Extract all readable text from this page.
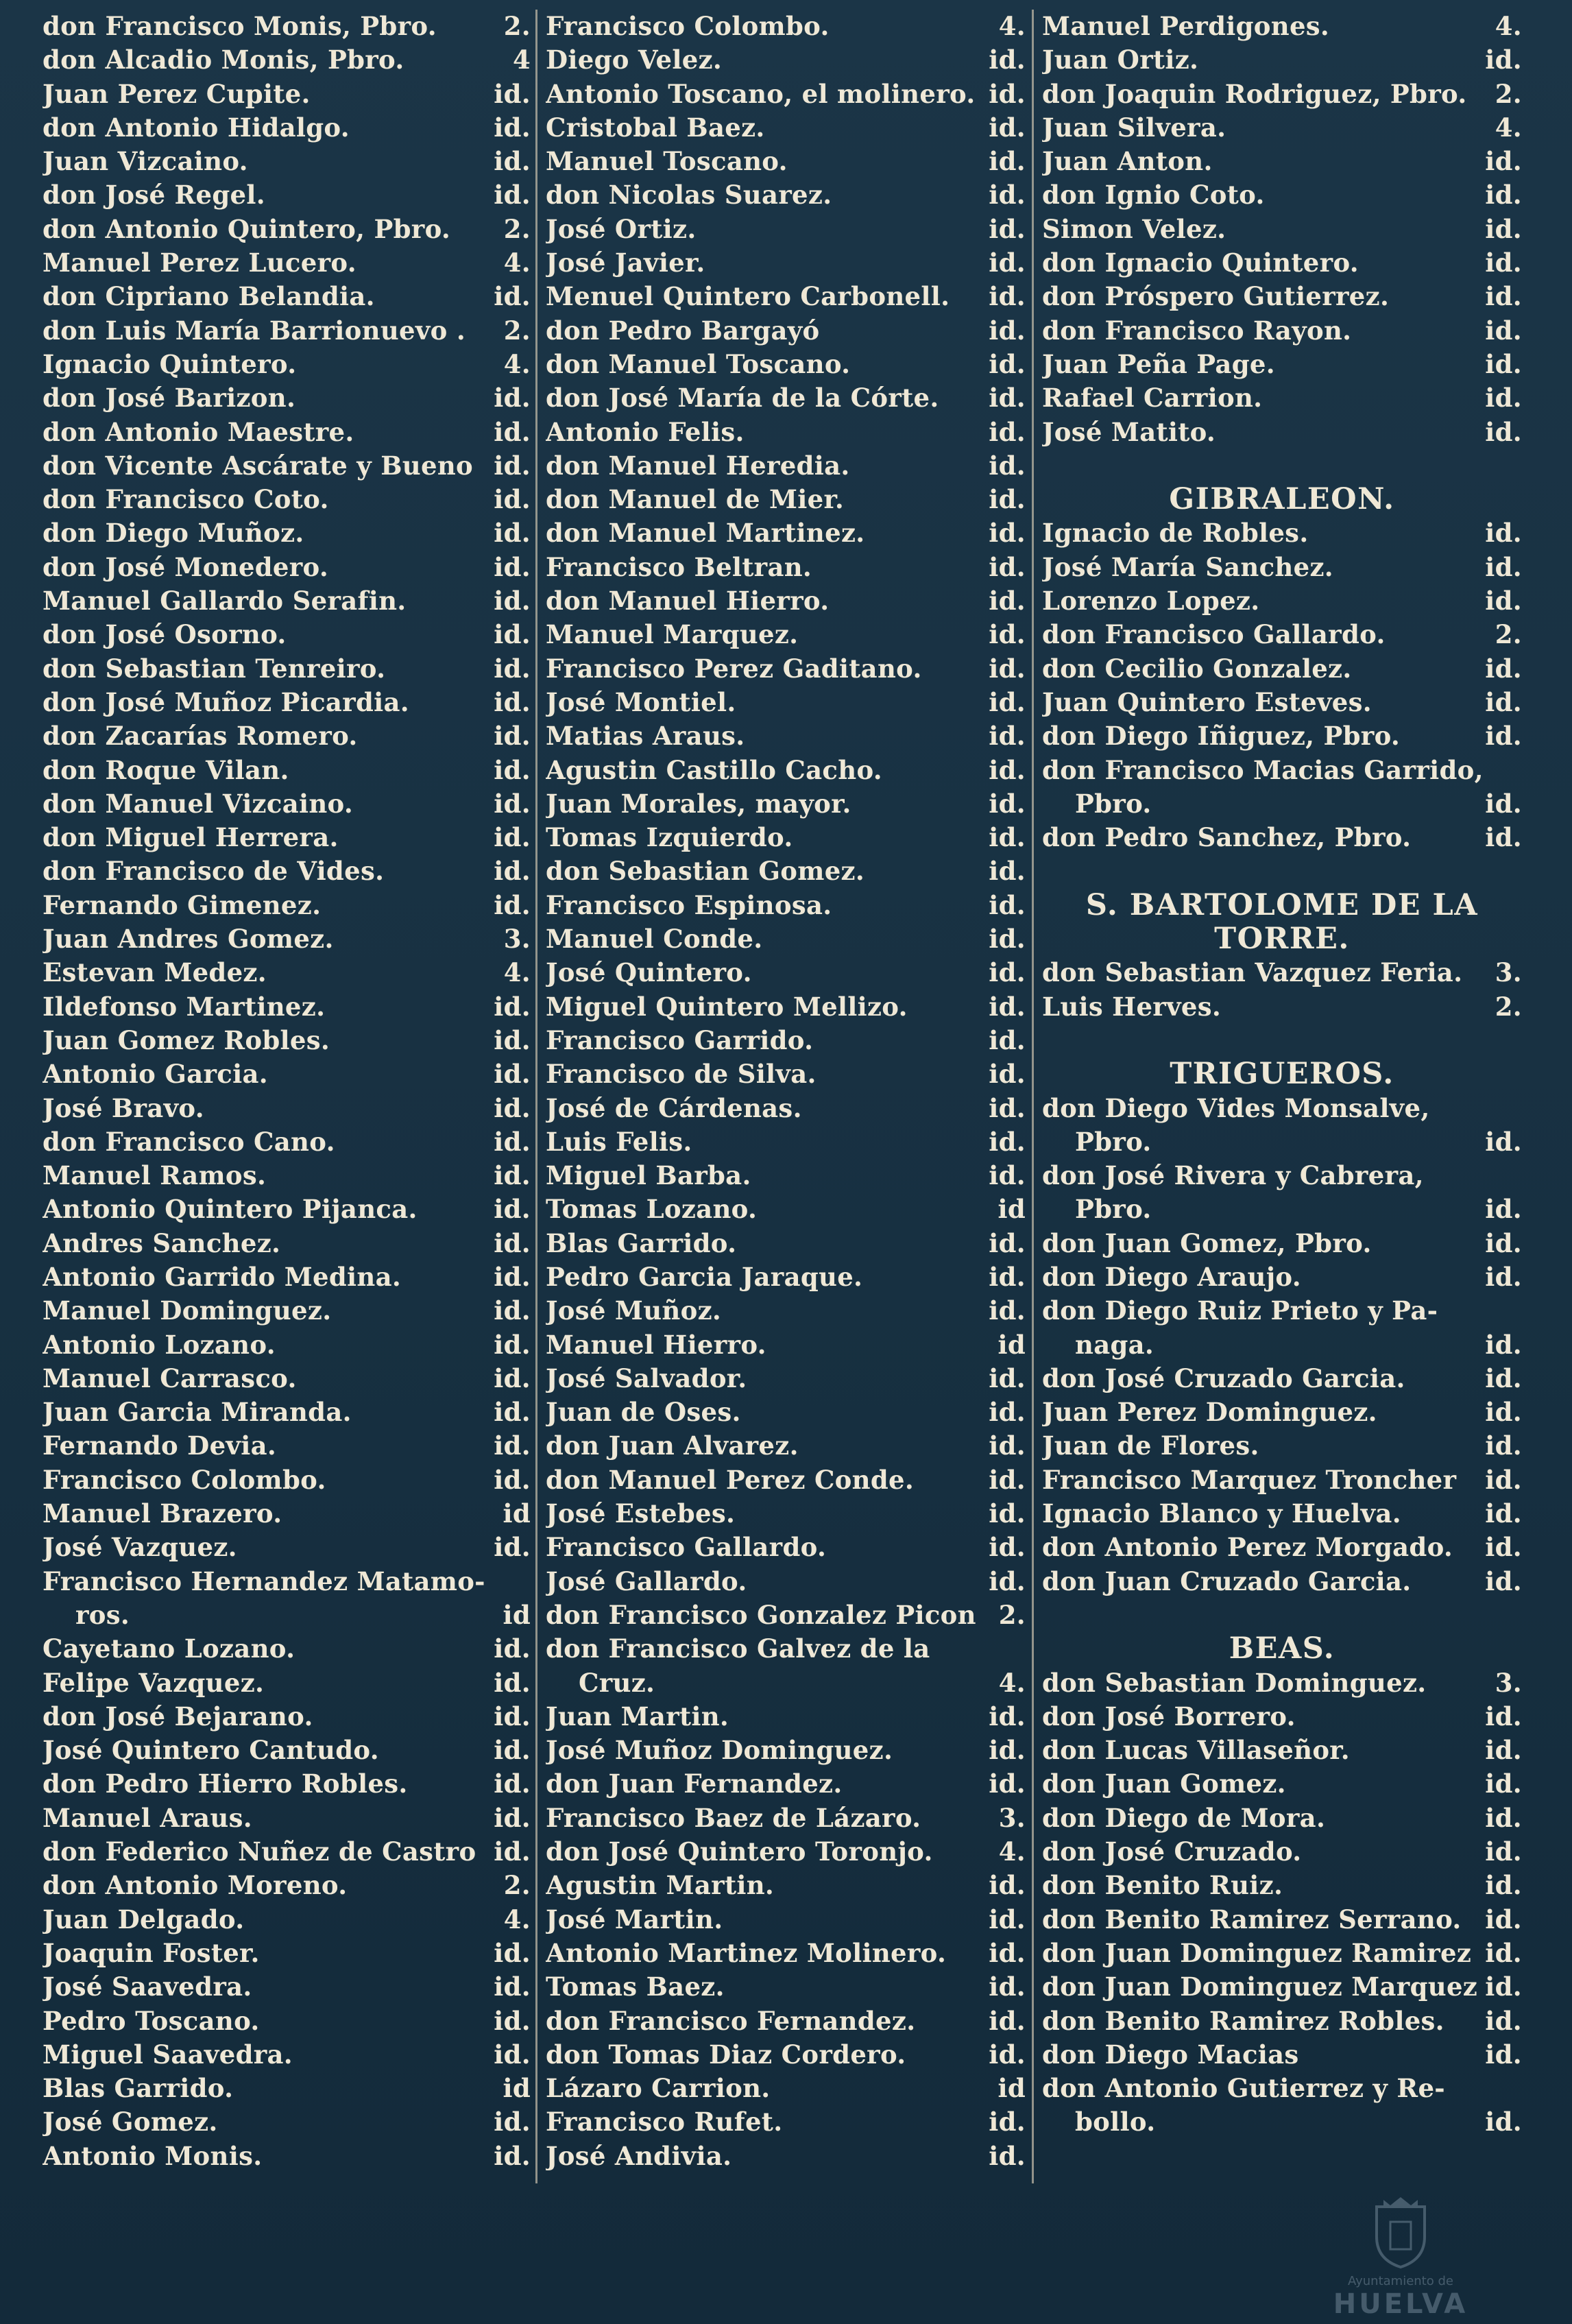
don Francisco Monis, Pbro.	2.
don Alcadio Monis, Pbro.	4
Juan Perez Cupite.	id.
don Antonio Hidalgo.	id.
Juan Vizcaino.	id.
don José Regel.	id.
don Antonio Quintero, Pbro.	2.
Manuel Perez Lucero.	4.
don Cipriano Belandia.	id.
don Luis María Barrionuevo .	2.
Ignacio Quintero.	4.
don José Barizon.	id.
don Antonio Maestre.	id.
don Vicente Ascárate y Bueno id.
don Francisco Coto.	id.
don Diego Muñoz.	id.
don José Monedero.	id.
Manuel Gallardo Serafin.	id.
don José Osorno.	id.
don Sebastian Tenreiro.	id.
don José Muñoz Picardia.	id.
don Zacarías Romero.	id.
don Roque Vilan.	id.
don Manuel Vizcaino.	id.
don Miguel Herrera.	id.
don Francisco de Vides.	id.
Fernando Gimenez.	id.
Juan Andres Gomez.	3.
Estevan Medez.	4.
Ildefonso Martinez.	id.
Juan Gomez Robles.	id.
Antonio Garcia.	id.
José Bravo.	id.
don Francisco Cano.	id.
Manuel Ramos.	id.
Antonio Quintero Pijanca.	id.
Andres Sanchez.	id.
Antonio Garrido Medina.	id.
Manuel Dominguez.	id.
Antonio Lozano.	id.
Manuel Carrasco.	id.
Juan Garcia Miranda.	id.
Fernando Devia.	id.
Francisco Colombo.	id.
Manuel Brazero.	id
José Vazquez.	id.
Francisco Hernandez Matamo-
ros.	id
Cayetano Lozano.	id.
Felipe Vazquez.	id.
don José Bejarano.	id.
José Quintero Cantudo.	id.
don Pedro Hierro Robles.	id.
Manuel Araus.	id.
don Federico Nuñez de Castro id.
don Antonio Moreno.	2.
Juan Delgado.	4.
Joaquin Foster.	id.
José Saavedra.	id.
Pedro Toscano.	id.
Miguel Saavedra.	id.
Blas Garrido.	id
José Gomez.	id.
Antonio Monis.	id.
Francisco Colombo.	4.
Diego Velez.	id.
Antonio Toscano, el molinero. id.
Cristobal Baez.	id.
Manuel Toscano.	id.
don Nicolas Suarez.	id.
José Ortiz.	id.
José Javier.	id.
Menuel Quintero Carbonell.	id.
don Pedro Bargayó	id.
don Manuel Toscano.	id.
don José María de la Córte.	id.
Antonio Felis.	id.
don Manuel Heredia.	id.
don Manuel de Mier.	id.
don Manuel Martinez.	id.
Francisco Beltran.	id.
don Manuel Hierro.	id.
Manuel Marquez.	id.
Francisco Perez Gaditano.	id.
José Montiel.	id.
Matias Araus.	id.
Agustin Castillo Cacho.	id.
Juan Morales, mayor.	id.
Tomas Izquierdo.	id.
don Sebastian Gomez.	id.
Francisco Espinosa.	id.
Manuel Conde.	id.
José Quintero.	id.
Miguel Quintero Mellizo.	id.
Francisco Garrido.	id.
Francisco de Silva.	id.
José de Cárdenas.	id.
Luis Felis.	id.
Miguel Barba.	id.
Tomas Lozano.	id
Blas Garrido.	id.
Pedro Garcia Jaraque.	id.
José Muñoz.	id.
Manuel Hierro.	id
José Salvador.	id.
Juan de Oses.	id.
don Juan Alvarez.	id.
don Manuel Perez Conde.	id.
José Estebes.	id.
Francisco Gallardo.	id.
José Gallardo.	id.
don Francisco Gonzalez Picon 2.
don Francisco Galvez de la
Cruz.	4.
Juan Martin.	id.
José Muñoz Dominguez.	id.
don Juan Fernandez.	id.
Francisco Baez de Lázaro.	3.
don José Quintero Toronjo.	4.
Agustin Martin.	id.
José Martin.	id.
Antonio Martinez Molinero.	id.
Tomas Baez.	id.
don Francisco Fernandez.	id.
don Tomas Diaz Cordero.	id.
Lázaro Carrion.	id
Francisco Rufet.	id.
José Andivia.	id.
Manuel Perdigones.	4.
Juan Ortiz.	id.
don Joaquin Rodriguez, Pbro.	2.
Juan Silvera.	4.
Juan Anton.	id.
don Ignio Coto.	id.
Simon Velez.	id.
don Ignacio Quintero.	id.
don Próspero Gutierrez.	id.
don Francisco Rayon.	id.
Juan Peña Page.	id.
Rafael Carrion.	id.
José Matito.	id.
GIBRALEON.
Ignacio de Robles.	id.
José María Sanchez.	id.
Lorenzo Lopez.	id.
don Francisco Gallardo.	2.
don Cecilio Gonzalez.	id.
Juan Quintero Esteves.	id.
don Diego Iñiguez, Pbro.	id.
don Francisco Macias Garrido,
Pbro.	id.
don Pedro Sanchez, Pbro.	id.
S. BARTOLOME DE LA
TORRE.
don Sebastian Vazquez Feria.	3.
Luis Herves.	2.
TRIGUEROS.
don Diego Vides Monsalve,
Pbro.	id.
don José Rivera y Cabrera,
Pbro.	id.
don Juan Gomez, Pbro.	id.
don Diego Araujo.	id.
don Diego Ruiz Prieto y Pa-
naga.	id.
don José Cruzado Garcia.	id.
Juan Perez Dominguez.	id.
Juan de Flores.	id.
Francisco Marquez Troncher	id.
Ignacio Blanco y Huelva.	id.
don Antonio Perez Morgado.	id.
don Juan Cruzado Garcia.	id.
BEAS.
don Sebastian Dominguez.	3.
don José Borrero.	id.
don Lucas Villaseñor.	id.
don Juan Gomez.	id.
don Diego de Mora.	id.
don José Cruzado.	id.
don Benito Ruiz.	id.
don Benito Ramirez Serrano. id.
don Juan Dominguez Ramirez id.
don Juan Dominguez Marquez id.
don Benito Ramirez Robles.	id.
don Diego Macias	id.
don Antonio Gutierrez y Re-
bollo.	id.
Ayuntamiento de
HUELVA
